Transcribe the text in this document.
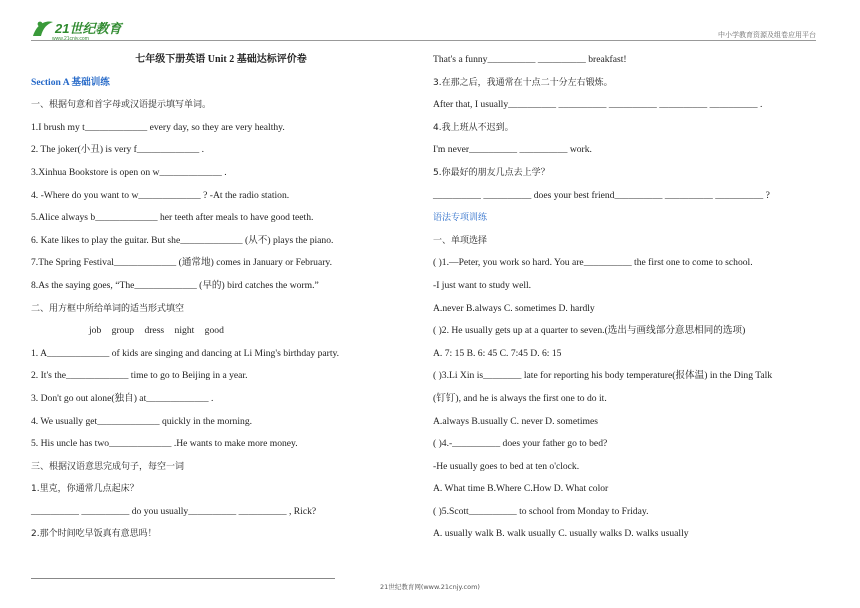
21世纪教育
www.21cnjy.com	中小学教育资源及组卷应用平台
七年级下册英语 Unit 2 基础达标评价卷
Section A 基础训练
一、根据句意和首字母或汉语提示填写单词。
1.I brush my t_____________ every day, so they are very healthy.
2. The joker(小丑) is very f_____________ .
3.Xinhua Bookstore is open on w_____________ .
4. -Where do you want to w_____________ ? -At the radio station.
5.Alice always b_____________ her teeth after meals to have good teeth.
6. Kate likes to play the guitar. But she_____________ (从不) plays the piano.
7.The Spring Festival_____________ (通常地) comes in January or February.
8.As the saying goes, “The_____________ (早的) bird catches the worm.”
二、用方框中所给单词的适当形式填空
job group dress night good
1. A_____________ of kids are singing and dancing at Li Ming's birthday party.
2. It's the_____________ time to go to Beijing in a year.
3. Don't go out alone(独自) at_____________ .
4. We usually get_____________ quickly in the morning.
5. His uncle has two_____________ .He wants to make more money.
三、根据汉语意思完成句子，每空一词
1.里克，你通常几点起床？
__________ __________ do you usually__________ __________ , Rick?
2.那个时间吃早饭真有意思吗！
That's a funny__________ __________ breakfast!
3.在那之后，我通常在十点二十分左右锻炼。
After that, I usually__________ __________ __________ __________ __________ .
4.我上班从不迟到。
I'm never__________ __________ work.
5.你最好的朋友几点去上学？
__________ __________ does your best friend__________ __________ __________ ?
语法专项训练
一、单项选择
( )1.—Peter, you work so hard. You are__________ the first one to come to school.
-I just want to study well.
A.never B.always C. sometimes D. hardly
( )2. He usually gets up at a quarter to seven.(选出与画线部分意思相同的选项)
A. 7: 15 B. 6: 45 C. 7:45 D. 6: 15
( )3.Li Xin is________ late for reporting his body temperature(报体温) in the Ding Talk
(钉钉), and he is always the first one to do it.
A.always B.usually C. never D. sometimes
( )4.-__________ does your father go to bed?
-He usually goes to bed at ten o'clock.
A. What time B.Where C.How D. What color
( )5.Scott__________ to school from Monday to Friday.
A. usually walk B. walk usually C. usually walks D. walks usually
21世纪教育网(www.21cnjy.com)
